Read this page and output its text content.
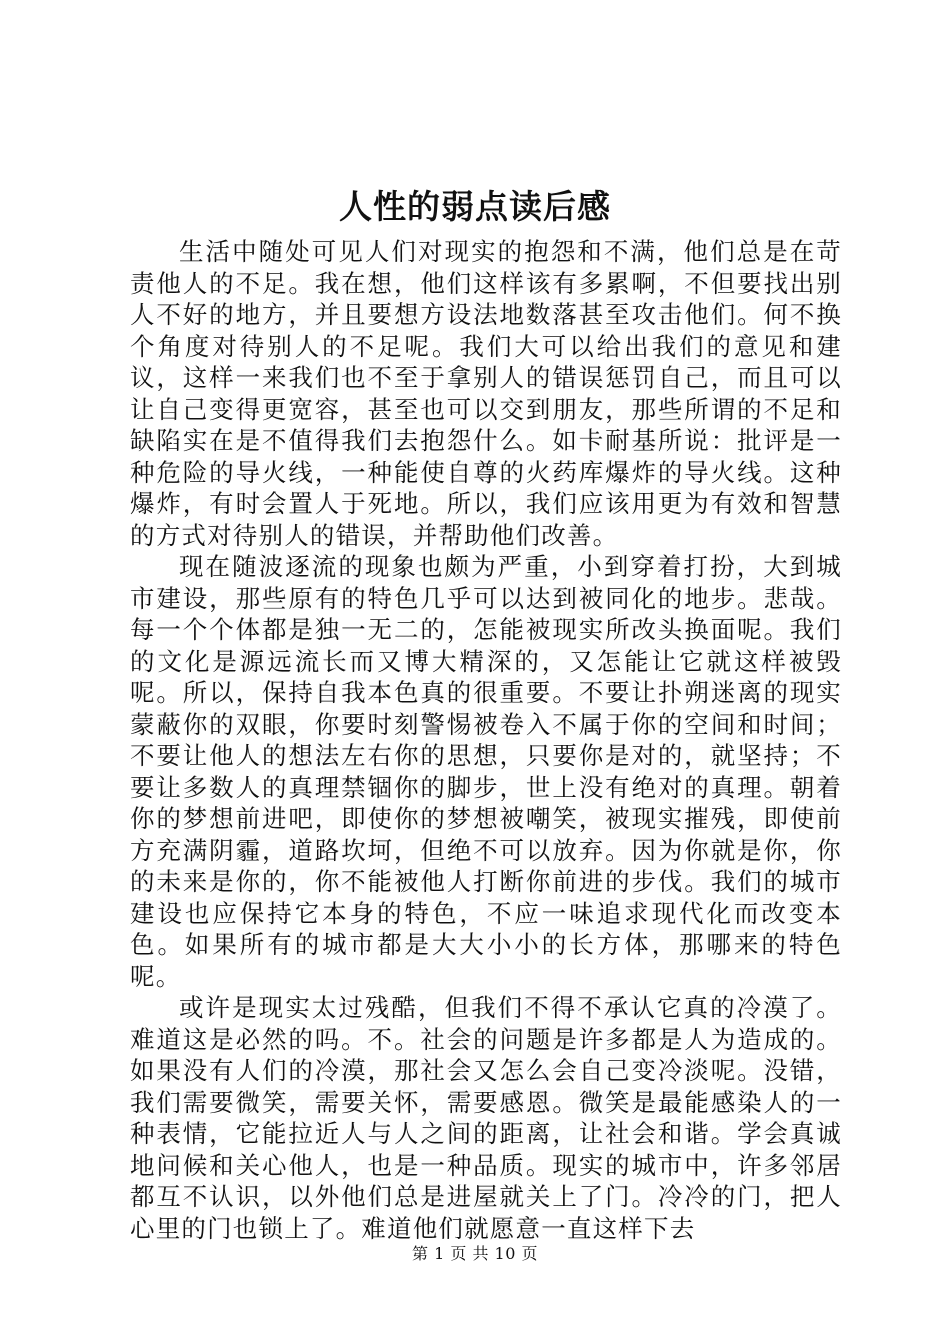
人性的弱点读后感

生活中随处可见人们对现实的抱怨和不满，他们总是在苛责他人的不足。我在想，他们这样该有多累啊，不但要找出别人不好的地方，并且要想方设法地数落甚至攻击他们。何不换个角度对待别人的不足呢。我们大可以给出我们的意见和建议，这样一来我们也不至于拿别人的错误惩罚自己，而且可以让自己变得更宽容，甚至也可以交到朋友，那些所谓的不足和缺陷实在是不值得我们去抱怨什么。如卡耐基所说：批评是一种危险的导火线，一种能使自尊的火药库爆炸的导火线。这种爆炸，有时会置人于死地。所以，我们应该用更为有效和智慧的方式对待别人的错误，并帮助他们改善。

现在随波逐流的现象也颇为严重，小到穿着打扮，大到城市建设，那些原有的特色几乎可以达到被同化的地步。悲哉。每一个个体都是独一无二的，怎能被现实所改头换面呢。我们的文化是源远流长而又博大精深的，又怎能让它就这样被毁呢。所以，保持自我本色真的很重要。不要让扑朔迷离的现实蒙蔽你的双眼，你要时刻警惕被卷入不属于你的空间和时间；不要让他人的想法左右你的思想，只要你是对的，就坚持；不要让多数人的真理禁锢你的脚步，世上没有绝对的真理。朝着你的梦想前进吧，即使你的梦想被嘲笑，被现实摧残，即使前方充满阴霾，道路坎坷，但绝不可以放弃。因为你就是你，你的未来是你的，你不能被他人打断你前进的步伐。我们的城市建设也应保持它本身的特色，不应一味追求现代化而改变本色。如果所有的城市都是大大小小的长方体，那哪来的特色呢。

或许是现实太过残酷，但我们不得不承认它真的冷漠了。难道这是必然的吗。不。社会的问题是许多都是人为造成的。如果没有人们的冷漠，那社会又怎么会自己变冷淡呢。没错，我们需要微笑，需要关怀，需要感恩。微笑是最能感染人的一种表情，它能拉近人与人之间的距离，让社会和谐。学会真诚地问候和关心他人，也是一种品质。现实的城市中，许多邻居都互不认识，以外他们总是进屋就关上了门。冷冷的门，把人心里的门也锁上了。难道他们就愿意一直这样下去

第 1 页 共 10 页
